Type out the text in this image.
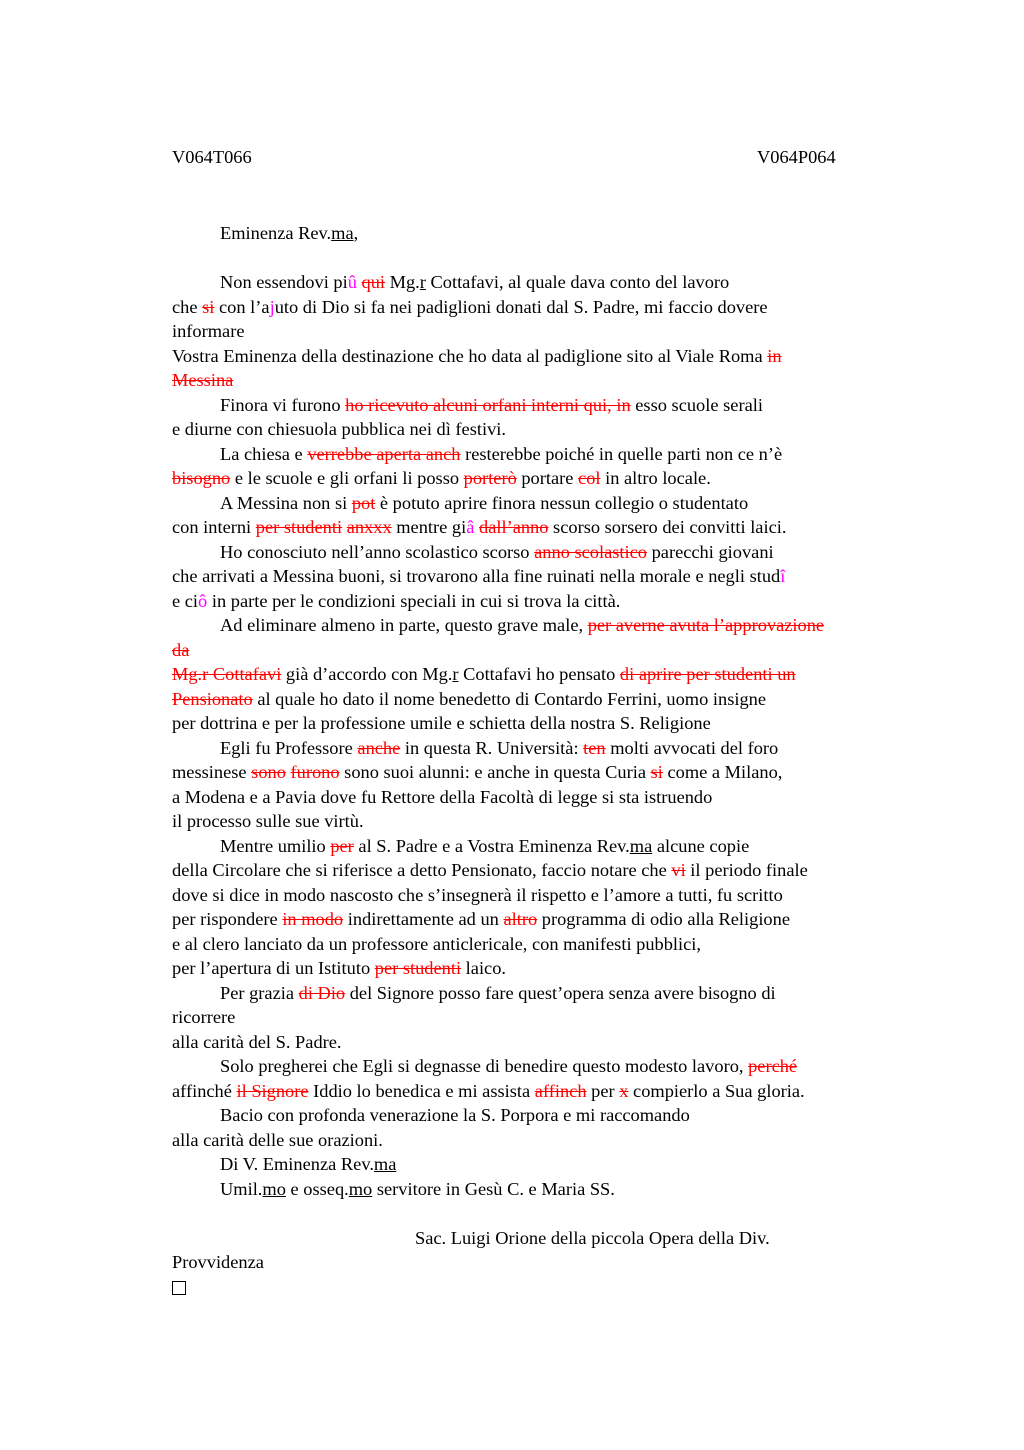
V064T066	V064P064
Eminenza Rev.ma,
Non essendovi piû qui Mg.r Cottafavi, al quale dava conto del lavoro
che si con l’ajuto di Dio si fa nei padiglioni donati dal S. Padre, mi faccio dovere
informare
Vostra Eminenza della destinazione che ho data al padiglione sito al Viale Roma in
Messina
Finora vi furono ho ricevuto alcuni orfani interni qui, in esso scuole serali
e diurne con chiesuola pubblica nei dì festivi.
La chiesa e verrebbe aperta anch resterebbe poiché in quelle parti non ce n’è
bisogno e le scuole e gli orfani li posso porterò portare col in altro locale.
A Messina non si pot è potuto aprire finora nessun collegio o studentato
con interni per studenti anxxx mentre giâ dall’anno scorso sorsero dei convitti laici.
Ho conosciuto nell’anno scolastico scorso anno scolastico parecchi giovani
che arrivati a Messina buoni, si trovarono alla fine ruinati nella morale e negli studî
e ciô in parte per le condizioni speciali in cui si trova la città.
Ad eliminare almeno in parte, questo grave male, per averne avuta l’approvazione
da
Mg.r Cottafavi già d’accordo con Mg.r Cottafavi ho pensato di aprire per studenti un
Pensionato al quale ho dato il nome benedetto di Contardo Ferrini, uomo insigne
per dottrina e per la professione umile e schietta della nostra S. Religione
Egli fu Professore anche in questa R. Università: ten molti avvocati del foro
messinese sono furono sono suoi alunni: e anche in questa Curia si come a Milano,
a Modena e a Pavia dove fu Rettore della Facoltà di legge si sta istruendo
il processo sulle sue virtù.
Mentre umilio per al S. Padre e a Vostra Eminenza Rev.ma alcune copie
della Circolare che si riferisce a detto Pensionato, faccio notare che vi il periodo finale
dove si dice in modo nascosto che s’insegnerà il rispetto e l’amore a tutti, fu scritto
per rispondere in modo indirettamente ad un altro programma di odio alla Religione
e al clero lanciato da un professore anticlericale, con manifesti pubblici,
per l’apertura di un Istituto per studenti laico.
Per grazia di Dio del Signore posso fare quest’opera senza avere bisogno di
ricorrere
alla carità del S. Padre.
Solo pregherei che Egli si degnasse di benedire questo modesto lavoro, perché
affinché il Signore Iddio lo benedica e mi assista affinch per x compierlo a Sua gloria.
Bacio con profonda venerazione la S. Porpora e mi raccomando
alla carità delle sue orazioni.
Di V. Eminenza Rev.ma
Umil.mo e osseq.mo servitore in Gesù C. e Maria SS.
Sac. Luigi Orione della piccola Opera della Div.
Provvidenza
